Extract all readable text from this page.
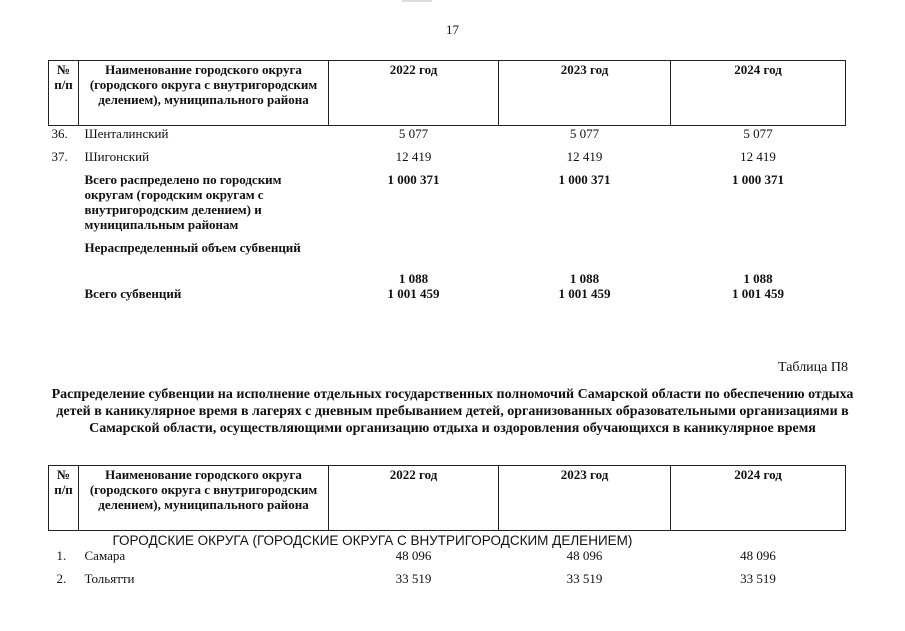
17
№ п/п	Наименование городского округа (городского округа с внутригородским делением), муниципального района	2022 год	2023 год	2024 год
36.	Шенталинский	5 077	5 077	5 077
37.	Шигонский	12 419	12 419	12 419
	Всего распределено по городским округам (городским округам с внутригородским делением) и муниципальным районам	1 000 371	1 000 371	1 000 371
	Нераспределенный объем субвенций	1 088	1 088	1 088
	Всего субвенций	1 001 459	1 001 459	1 001 459
Таблица П8
Распределение субвенции на исполнение отдельных государственных полномочий Самарской области по обеспечению отдыха детей в каникулярное время в лагерях с дневным пребыванием детей, организованных образовательными организациями в Самарской области, осуществляющими организацию отдыха и оздоровления обучающихся в каникулярное время
№ п/п	Наименование городского округа (городского округа с внутригородским делением), муниципального района	2022 год	2023 год	2024 год
	ГОРОДСКИЕ ОКРУГА (ГОРОДСКИЕ ОКРУГА С ВНУТРИГОРОДСКИМ ДЕЛЕНИЕМ)			
1.	Самара	48 096	48 096	48 096
2.	Тольятти	33 519	33 519	33 519
